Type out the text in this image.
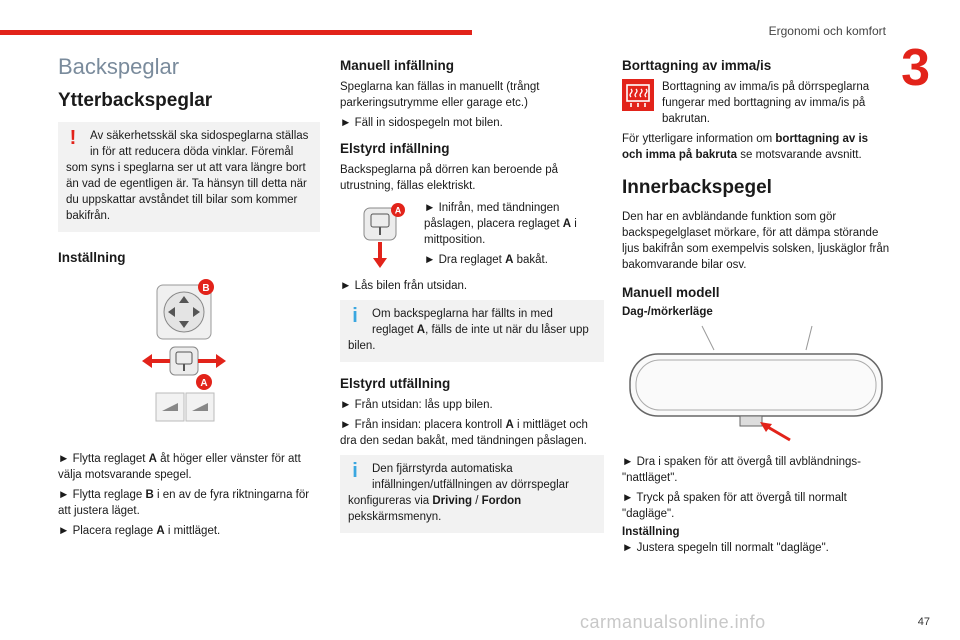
Ergonomi och komfort
3
Backspeglar
Ytterbackspeglar
!	Av säkerhetsskäl ska sidospeglarna ställas in för att reducera döda vinklar. Föremål som syns i speglarna ser ut att vara längre bort än vad de egentligen är. Ta hänsyn till detta när du uppskattar avståndet till bilar som kommer bakifrån.
Inställning
B
A
► Flytta reglaget A åt höger eller vänster för att välja motsvarande spegel.
► Flytta reglage B i en av de fyra riktningarna för att justera läget.
► Placera reglage A i mittläget.
Manuell infällning
Speglarna kan fällas in manuellt (trångt parkeringsutrymme eller garage etc.)
► Fäll in sidospegeln mot bilen.
Elstyrd infällning
Backspeglarna på dörren kan beroende på utrustning, fällas elektriskt.
A ► Inifrån, med tändningen påslagen, placera reglaget A i mittposition.
► Dra reglaget A bakåt.
► Lås bilen från utsidan.
i	Om backspeglarna har fällts in med reglaget A, fälls de inte ut när du låser upp bilen.
Elstyrd utfällning
► Från utsidan: lås upp bilen.
► Från insidan: placera kontroll A i mittläget och dra den sedan bakåt, med tändningen påslagen.
i	Den fjärrstyrda automatiska infällningen/utfällningen av dörrspeglar konfigureras via Driving / Fordon pekskärmsmenyn.
Borttagning av imma/is
Borttagning av imma/is på dörrspeglarna fungerar med borttagning av imma/is på bakrutan.
För ytterligare information om borttagning av is och imma på bakruta se motsvarande avsnitt.
Innerbackspegel
Den har en avbländande funktion som gör backspegelglaset mörkare, för att dämpa störande ljus bakifrån som exempelvis solsken, ljuskäglor från bakomvarande bilar osv.
Manuell modell
Dag-/mörkerläge
► Dra i spaken för att övergå till avbländnings-"nattläget".
► Tryck på spaken för att övergå till normalt "dagläge".
Inställning
► Justera spegeln till normalt "dagläge".
carmanualsonline.info	47
